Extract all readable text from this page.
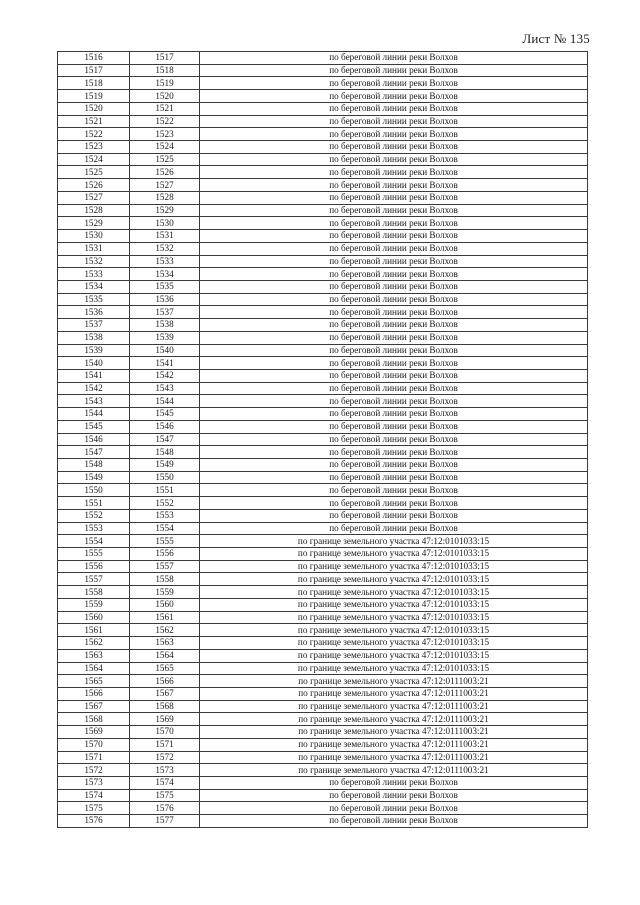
Лист № 135
1516	1517	по береговой линии реки Волхов
1517	1518	по береговой линии реки Волхов
1518	1519	по береговой линии реки Волхов
1519	1520	по береговой линии реки Волхов
1520	1521	по береговой линии реки Волхов
1521	1522	по береговой линии реки Волхов
1522	1523	по береговой линии реки Волхов
1523	1524	по береговой линии реки Волхов
1524	1525	по береговой линии реки Волхов
1525	1526	по береговой линии реки Волхов
1526	1527	по береговой линии реки Волхов
1527	1528	по береговой линии реки Волхов
1528	1529	по береговой линии реки Волхов
1529	1530	по береговой линии реки Волхов
1530	1531	по береговой линии реки Волхов
1531	1532	по береговой линии реки Волхов
1532	1533	по береговой линии реки Волхов
1533	1534	по береговой линии реки Волхов
1534	1535	по береговой линии реки Волхов
1535	1536	по береговой линии реки Волхов
1536	1537	по береговой линии реки Волхов
1537	1538	по береговой линии реки Волхов
1538	1539	по береговой линии реки Волхов
1539	1540	по береговой линии реки Волхов
1540	1541	по береговой линии реки Волхов
1541	1542	по береговой линии реки Волхов
1542	1543	по береговой линии реки Волхов
1543	1544	по береговой линии реки Волхов
1544	1545	по береговой линии реки Волхов
1545	1546	по береговой линии реки Волхов
1546	1547	по береговой линии реки Волхов
1547	1548	по береговой линии реки Волхов
1548	1549	по береговой линии реки Волхов
1549	1550	по береговой линии реки Волхов
1550	1551	по береговой линии реки Волхов
1551	1552	по береговой линии реки Волхов
1552	1553	по береговой линии реки Волхов
1553	1554	по береговой линии реки Волхов
1554	1555	по границе земельного участка 47:12:0101033:15
1555	1556	по границе земельного участка 47:12:0101033:15
1556	1557	по границе земельного участка 47:12:0101033:15
1557	1558	по границе земельного участка 47:12:0101033:15
1558	1559	по границе земельного участка 47:12:0101033:15
1559	1560	по границе земельного участка 47:12:0101033:15
1560	1561	по границе земельного участка 47:12:0101033:15
1561	1562	по границе земельного участка 47:12:0101033:15
1562	1563	по границе земельного участка 47:12:0101033:15
1563	1564	по границе земельного участка 47:12:0101033:15
1564	1565	по границе земельного участка 47:12:0101033:15
1565	1566	по границе земельного участка 47:12:0111003:21
1566	1567	по границе земельного участка 47:12:0111003:21
1567	1568	по границе земельного участка 47:12:0111003:21
1568	1569	по границе земельного участка 47:12:0111003:21
1569	1570	по границе земельного участка 47:12:0111003:21
1570	1571	по границе земельного участка 47:12:0111003:21
1571	1572	по границе земельного участка 47:12:0111003:21
1572	1573	по границе земельного участка 47:12:0111003:21
1573	1574	по береговой линии реки Волхов
1574	1575	по береговой линии реки Волхов
1575	1576	по береговой линии реки Волхов
1576	1577	по береговой линии реки Волхов
